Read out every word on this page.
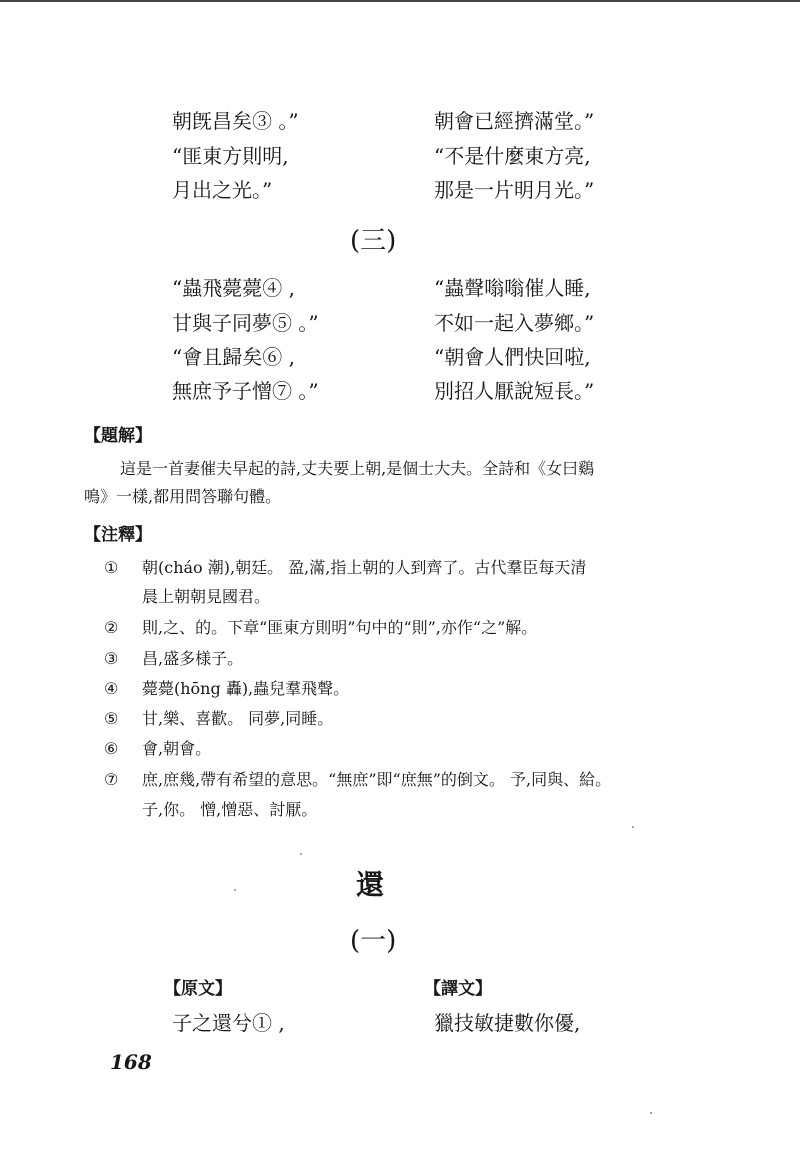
朝旣昌矣③ 。”
“匪東方則明,
月出之光。”
朝會已經擠滿堂。”
“不是什麼東方亮,
那是一片明月光。”
(三)
“蟲飛薨薨④ ,
甘與子同夢⑤ 。”
“會且歸矣⑥ ,
無庶予子憎⑦ 。”
“蟲聲嗡嗡催人睡,
不如一起入夢鄉。”
“朝會人們快回啦,
別招人厭說短長。”
【題解】
這是一首妻催夫早起的詩,丈夫要上朝,是個士大夫。全詩和《女曰鷄
鳴》一樣,都用問答聯句體。
【注釋】
① 朝(cháo 潮),朝廷。 盈,滿,指上朝的人到齊了。古代羣臣每天清
晨上朝朝見國君。
② 則,之、的。下章“匪東方則明”句中的“則”,亦作“之”解。
③ 昌,盛多様子。
④ 薨薨(hōng 轟),蟲兒羣飛聲。
⑤ 甘,樂、喜歡。 同夢,同睡。
⑥ 會,朝會。
⑦ 庶,庶幾,帶有希望的意思。“無庶”即“庶無”的倒文。 予,同與、給。
子,你。 憎,憎惡、討厭。
還
(一)
【原文】	【譯文】
子之還兮① ,	獵技敏捷數你優,
168
